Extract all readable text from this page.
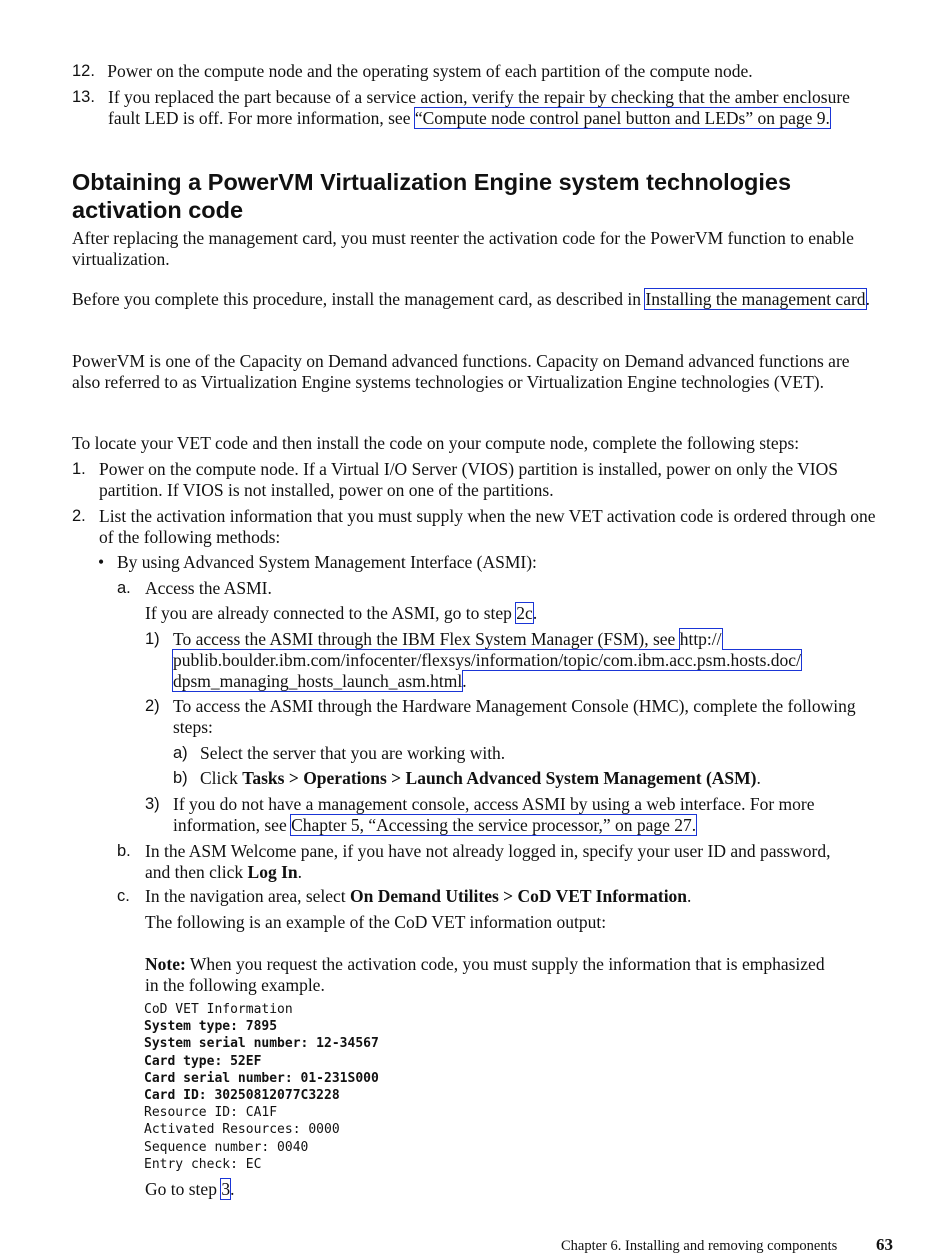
12. Power on the compute node and the operating system of each partition of the compute node.
13. If you replaced the part because of a service action, verify the repair by checking that the amber enclosure fault LED is off. For more information, see “Compute node control panel button and LEDs” on page 9.
Obtaining a PowerVM Virtualization Engine system technologies activation code

After replacing the management card, you must reenter the activation code for the PowerVM function to enable virtualization.

Before you complete this procedure, install the management card, as described in Installing the management card.

PowerVM is one of the Capacity on Demand advanced functions. Capacity on Demand advanced functions are also referred to as Virtualization Engine systems technologies or Virtualization Engine technologies (VET).

To locate your VET code and then install the code on your compute node, complete the following steps:

1. Power on the compute node. If a Virtual I/O Server (VIOS) partition is installed, power on only the VIOS partition. If VIOS is not installed, power on one of the partitions.
2. List the activation information that you must supply when the new VET activation code is ordered through one of the following methods:
• By using Advanced System Management Interface (ASMI):
a. Access the ASMI.

If you are already connected to the ASMI, go to step 2c.

1) To access the ASMI through the IBM Flex System Manager (FSM), see http://
publib.boulder.ibm.com/infocenter/flexsys/information/topic/com.ibm.acc.psm.hosts.doc/
dpsm_managing_hosts_launch_asm.html.
2) To access the ASMI through the Hardware Management Console (HMC), complete the following steps:
a) Select the server that you are working with.
b) Click Tasks > Operations > Launch Advanced System Management (ASM).
3) If you do not have a management console, access ASMI by using a web interface. For more information, see Chapter 5, “Accessing the service processor,” on page 27.
b. In the ASM Welcome pane, if you have not already logged in, specify your user ID and password, and then click Log In.
c. In the navigation area, select On Demand Utilites > CoD VET Information.

The following is an example of the CoD VET information output:

Note: When you request the activation code, you must supply the information that is emphasized in the following example.

CoD VET Information
System type: 7895
System serial number: 12-34567
Card type: 52EF
Card serial number: 01-231S000
Card ID: 30250812077C3228
Resource ID: CA1F
Activated Resources: 0000
Sequence number: 0040
Entry check: EC

Go to step 3.

Chapter 6. Installing and removing components 63
